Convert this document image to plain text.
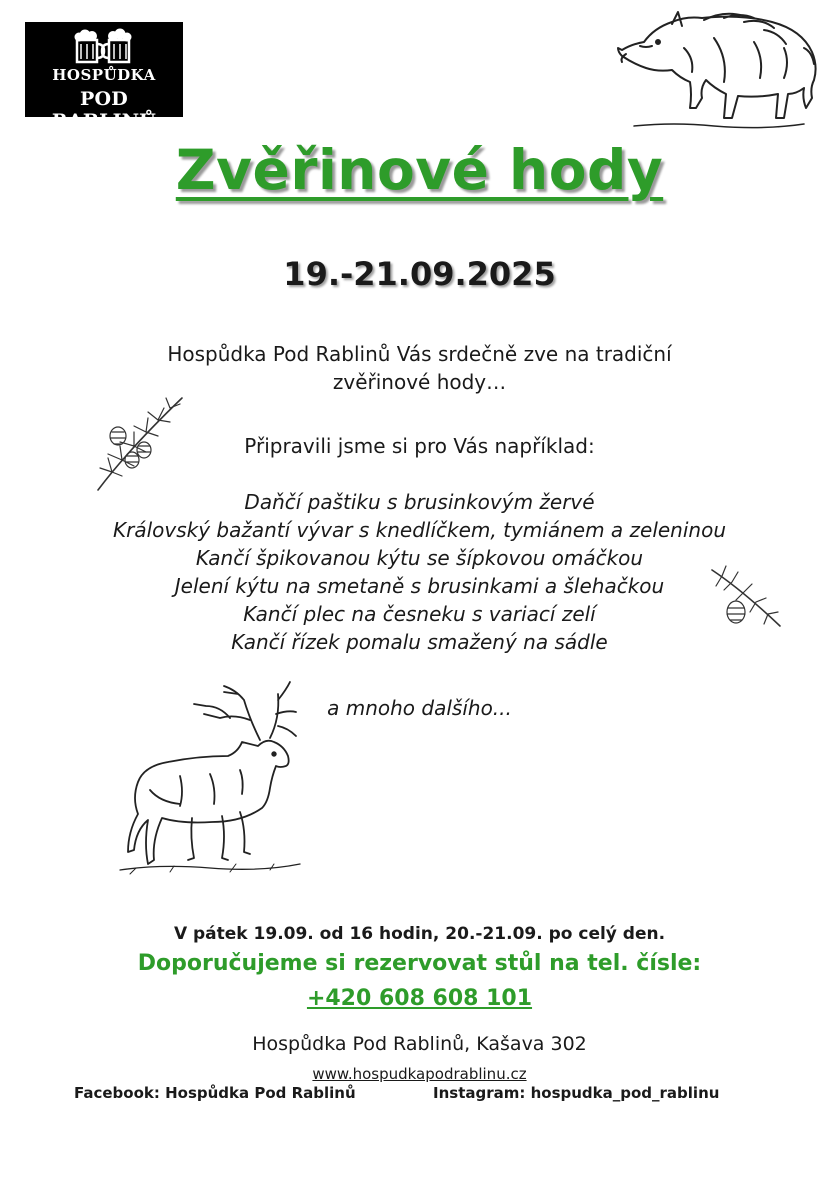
HOSPŮDKA
POD RABLINŮ
Zvěřinové hody
19.-21.09.2025
Hospůdka Pod Rablinů Vás srdečně zve na tradiční
zvěřinové hody…
Připravili jsme si pro Vás například:
Daňčí paštiku s brusinkovým žervé
Královský bažantí vývar s knedlíčkem, tymiánem a zeleninou
Kančí špikovanou kýtu se šípkovou omáčkou
Jelení kýtu na smetaně s brusinkami a šlehačkou
Kančí plec na česneku s variací zelí
Kančí řízek pomalu smažený na sádle
a mnoho dalšího...
V pátek 19.09. od 16 hodin, 20.-21.09. po celý den.
Doporučujeme si rezervovat stůl na tel. čísle:
+420 608 608 101
Hospůdka Pod Rablinů, Kašava 302
www.hospudkapodrablinu.cz
Facebook: Hospůdka Pod Rablinů	Instagram: hospudka_pod_rablinu
